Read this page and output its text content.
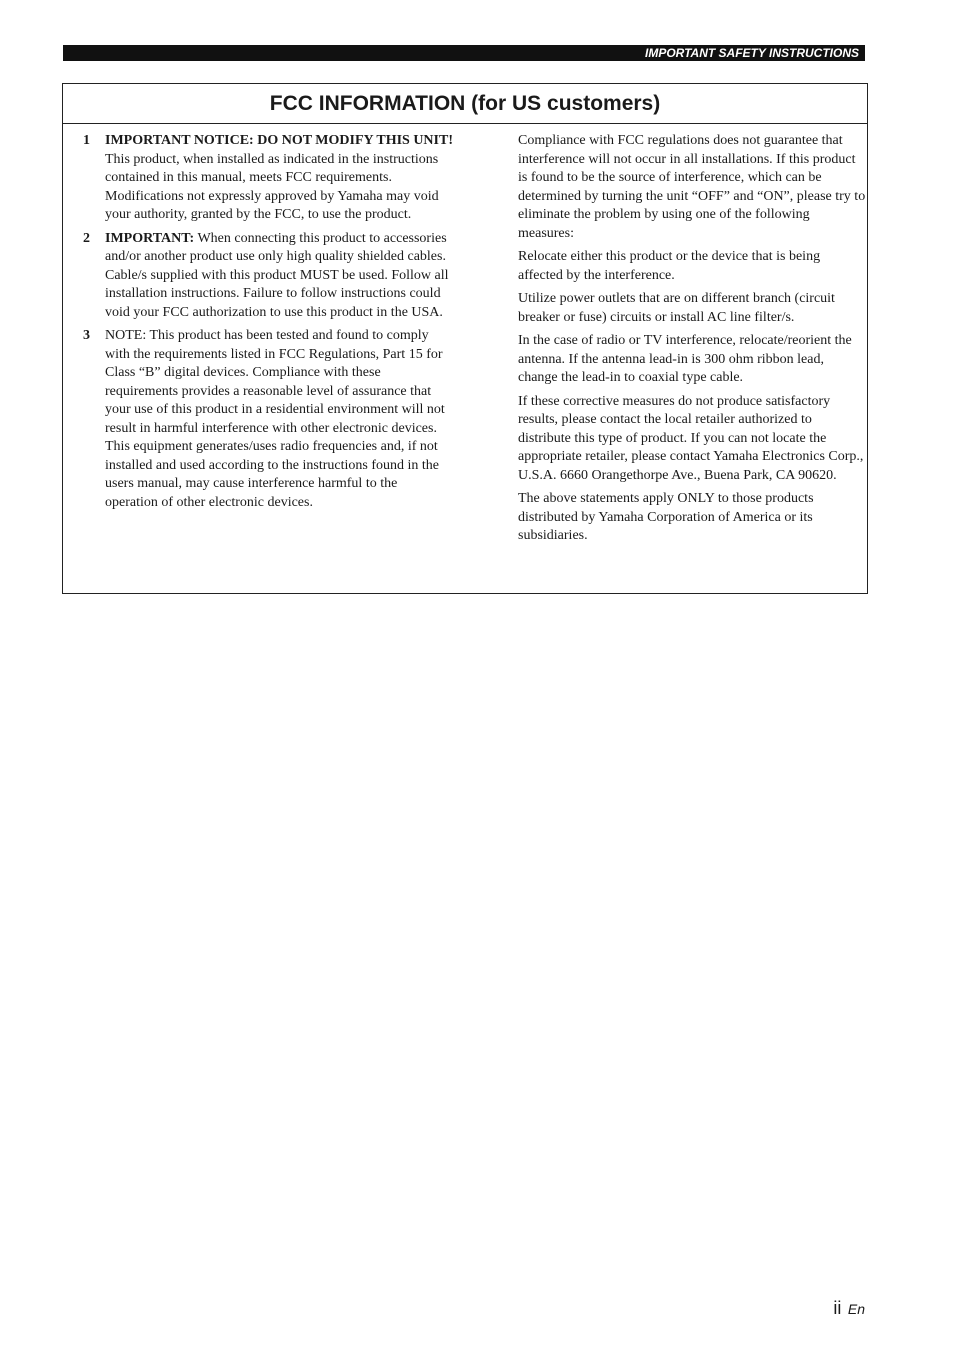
IMPORTANT SAFETY INSTRUCTIONS
FCC INFORMATION (for US customers)
1 IMPORTANT NOTICE: DO NOT MODIFY THIS UNIT!
This product, when installed as indicated in the instructions contained in this manual, meets FCC requirements. Modifications not expressly approved by Yamaha may void your authority, granted by the FCC, to use the product.
2 IMPORTANT: When connecting this product to accessories and/or another product use only high quality shielded cables. Cable/s supplied with this product MUST be used. Follow all installation instructions. Failure to follow instructions could void your FCC authorization to use this product in the USA.
3 NOTE: This product has been tested and found to comply with the requirements listed in FCC Regulations, Part 15 for Class “B” digital devices. Compliance with these requirements provides a reasonable level of assurance that your use of this product in a residential environment will not result in harmful interference with other electronic devices.
This equipment generates/uses radio frequencies and, if not installed and used according to the instructions found in the users manual, may cause interference harmful to the operation of other electronic devices.

Compliance with FCC regulations does not guarantee that interference will not occur in all installations. If this product is found to be the source of interference, which can be determined by turning the unit “OFF” and “ON”, please try to eliminate the problem by using one of the following measures:

Relocate either this product or the device that is being affected by the interference.

Utilize power outlets that are on different branch (circuit breaker or fuse) circuits or install AC line filter/s.

In the case of radio or TV interference, relocate/reorient the antenna. If the antenna lead-in is 300 ohm ribbon lead, change the lead-in to coaxial type cable.

If these corrective measures do not produce satisfactory results, please contact the local retailer authorized to distribute this type of product. If you can not locate the appropriate retailer, please contact Yamaha Electronics Corp., U.S.A. 6660 Orangethorpe Ave., Buena Park, CA 90620.

The above statements apply ONLY to those products distributed by Yamaha Corporation of America or its subsidiaries.

ii En
